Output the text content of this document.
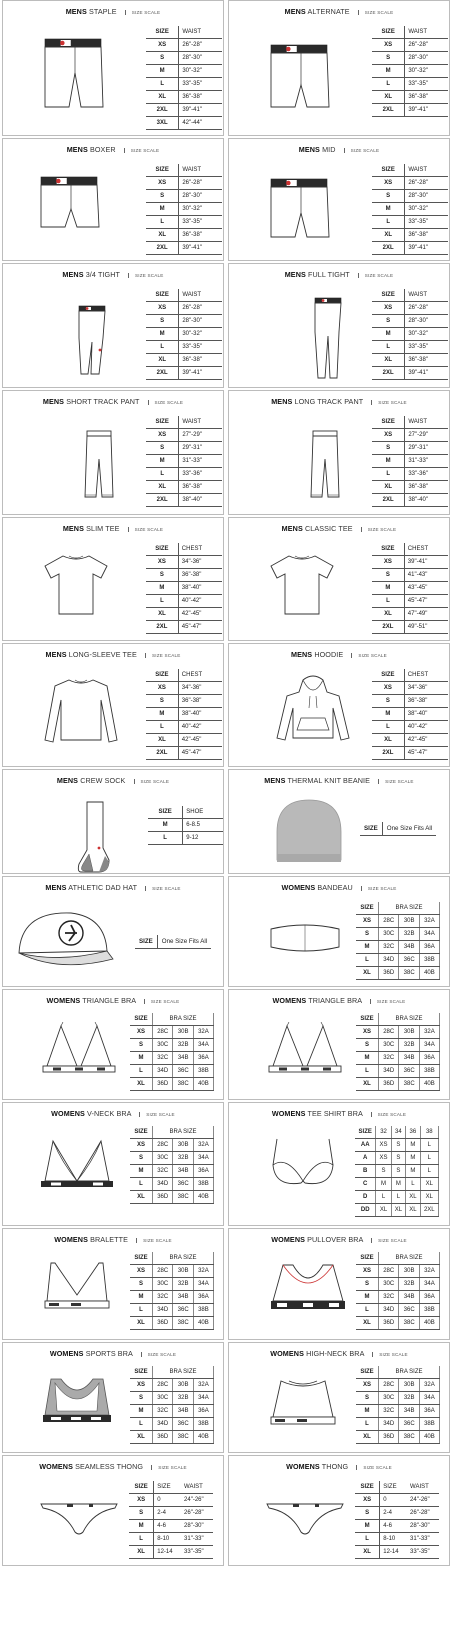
MENS STAPLE	SIZE SCALE
SIZE	WAIST
XS	26"-28"
S	28"-30"
M	30"-32"
L	33"-35"
XL	36"-38"
2XL	39"-41"
3XL	42"-44"
MENS ALTERNATE	SIZE SCALE
SIZE	WAIST
XS	26"-28"
S	28"-30"
M	30"-32"
L	33"-35"
XL	36"-38"
2XL	39"-41"
MENS BOXER	SIZE SCALE
SIZE	WAIST
XS	26"-28"
S	28"-30"
M	30"-32"
L	33"-35"
XL	36"-38"
2XL	39"-41"
MENS MID	SIZE SCALE
SIZE	WAIST
XS	26"-28"
S	28"-30"
M	30"-32"
L	33"-35"
XL	36"-38"
2XL	39"-41"
MENS 3/4 TIGHT	SIZE SCALE
SIZE	WAIST
XS	26"-28"
S	28"-30"
M	30"-32"
L	33"-35"
XL	36"-38"
2XL	39"-41"
MENS FULL TIGHT	SIZE SCALE
SIZE	WAIST
XS	26"-28"
S	28"-30"
M	30"-32"
L	33"-35"
XL	36"-38"
2XL	39"-41"
MENS SHORT TRACK PANT	SIZE SCALE
SIZE	WAIST
XS	27"-29"
S	29"-31"
M	31"-33"
L	33"-36"
XL	36"-38"
2XL	38"-40"
MENS LONG TRACK PANT	SIZE SCALE
SIZE	WAIST
XS	27"-29"
S	29"-31"
M	31"-33"
L	33"-36"
XL	36"-38"
2XL	38"-40"
MENS SLIM TEE	SIZE SCALE
SIZE	CHEST
XS	34"-36"
S	36"-38"
M	38"-40"
L	40"-42"
XL	42"-45"
2XL	45"-47"
MENS CLASSIC TEE	SIZE SCALE
SIZE	CHEST
XS	39"-41"
S	41"-43"
M	43"-45"
L	45"-47"
XL	47"-49"
2XL	49"-51"
MENS LONG-SLEEVE TEE	SIZE SCALE
SIZE	CHEST
XS	34"-36"
S	36"-38"
M	38"-40"
L	40"-42"
XL	42"-45"
2XL	45"-47"
MENS HOODIE	SIZE SCALE
SIZE	CHEST
XS	34"-36"
S	36"-38"
M	38"-40"
L	40"-42"
XL	42"-45"
2XL	45"-47"
MENS CREW SOCK	SIZE SCALE
SIZE	SHOE
M	6-8.5
L	9-12
MENS THERMAL KNIT BEANIE	SIZE SCALE
SIZE	One Size Fits All
MENS ATHLETIC DAD HAT	SIZE SCALE
SIZE	One Size Fits All
WOMENS BANDEAU	SIZE SCALE
SIZE	BRA SIZE		
XS	28C	30B	32A
S	30C	32B	34A
M	32C	34B	36A
L	34D	36C	38B
XL	36D	38C	40B
WOMENS TRIANGLE BRA	SIZE SCALE
SIZE	BRA SIZE		
XS	28C	30B	32A
S	30C	32B	34A
M	32C	34B	36A
L	34D	36C	38B
XL	36D	38C	40B
WOMENS TRIANGLE BRA	SIZE SCALE
SIZE	BRA SIZE		
XS	28C	30B	32A
S	30C	32B	34A
M	32C	34B	36A
L	34D	36C	38B
XL	36D	38C	40B
WOMENS V-NECK BRA	SIZE SCALE
SIZE	BRA SIZE		
XS	28C	30B	32A
S	30C	32B	34A
M	32C	34B	36A
L	34D	36C	38B
XL	36D	38C	40B
WOMENS TEE SHIRT BRA	SIZE SCALE
SIZE	32	34	36	38
AA	XS	S	M	L
A	XS	S	M	L
B	S	S	M	L
C	M	M	L	XL
D	L	L	XL	XL
DD	XL	XL	XL	2XL
WOMENS BRALETTE	SIZE SCALE
SIZE	BRA SIZE		
XS	28C	30B	32A
S	30C	32B	34A
M	32C	34B	36A
L	34D	36C	38B
XL	36D	38C	40B
WOMENS PULLOVER BRA	SIZE SCALE
SIZE	BRA SIZE		
XS	28C	30B	32A
S	30C	32B	34A
M	32C	34B	36A
L	34D	36C	38B
XL	36D	38C	40B
WOMENS SPORTS BRA	SIZE SCALE
SIZE	BRA SIZE		
XS	28C	30B	32A
S	30C	32B	34A
M	32C	34B	36A
L	34D	36C	38B
XL	36D	38C	40B
WOMENS HIGH-NECK BRA	SIZE SCALE
SIZE	BRA SIZE		
XS	28C	30B	32A
S	30C	32B	34A
M	32C	34B	36A
L	34D	36C	38B
XL	36D	38C	40B
WOMENS SEAMLESS THONG	SIZE SCALE
SIZE	SIZE	WAIST
XS	0	24"-26"
S	2-4	26"-28"
M	4-6	28"-30"
L	8-10	31"-33"
XL	12-14	33"-35"
WOMENS THONG	SIZE SCALE
SIZE	SIZE	WAIST
XS	0	24"-26"
S	2-4	26"-28"
M	4-6	28"-30"
L	8-10	31"-33"
XL	12-14	33"-35"
